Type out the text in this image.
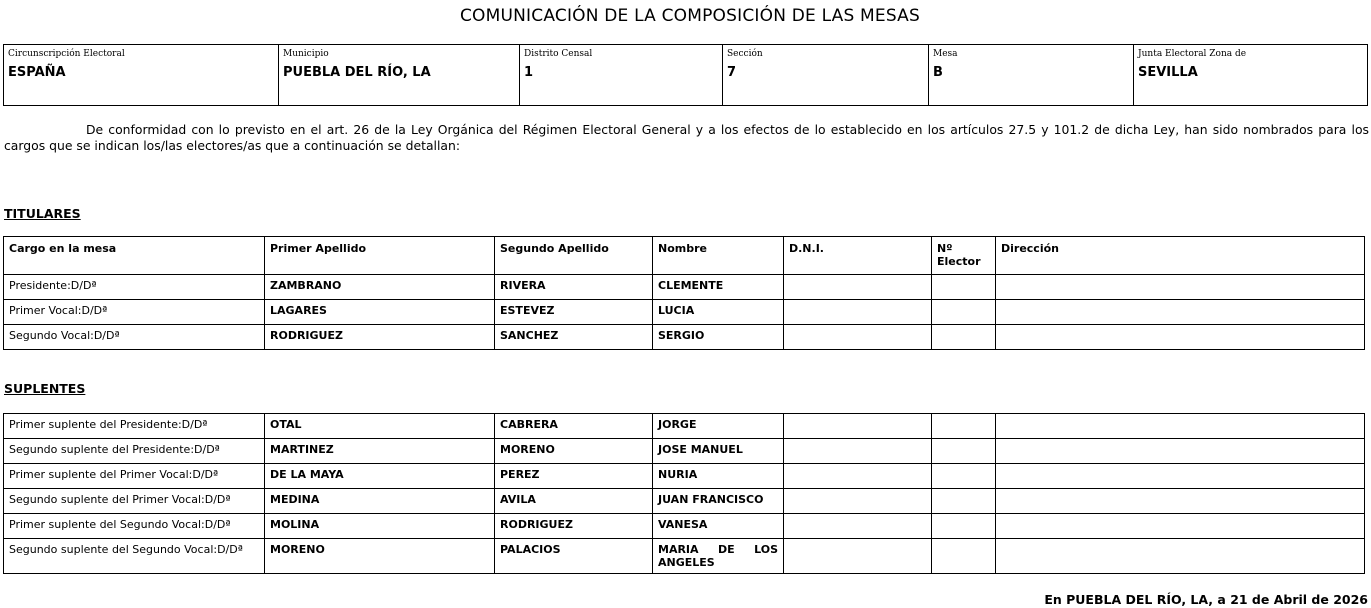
COMUNICACIÓN DE LA COMPOSICIÓN DE LAS MESAS
Circunscripción Electoral
ESPAÑA

Municipio
PUEBLA DEL RÍO, LA

Distrito Censal
1

Sección
7

Mesa
B

Junta Electoral Zona de
SEVILLA
De conformidad con lo previsto en el art. 26 de la Ley Orgánica del Régimen Electoral General y a los efectos de lo establecido en los artículos 27.5 y 101.2 de dicha Ley, han sido nombrados para los cargos que se indican los/las electores/as que a continuación se detallan:
TITULARES
Cargo en la mesa	Primer Apellido	Segundo Apellido	Nombre	D.N.I.	Nº Elector	Dirección
Presidente:D/Dª	ZAMBRANO	RIVERA	CLEMENTE			
Primer Vocal:D/Dª	LAGARES	ESTEVEZ	LUCIA			
Segundo Vocal:D/Dª	RODRIGUEZ	SANCHEZ	SERGIO			
SUPLENTES
Primer suplente del Presidente:D/Dª	OTAL	CABRERA	JORGE			
Segundo suplente del Presidente:D/Dª	MARTINEZ	MORENO	JOSE MANUEL			
Primer suplente del Primer Vocal:D/Dª	DE LA MAYA	PEREZ	NURIA			
Segundo suplente del Primer Vocal:D/Dª	MEDINA	AVILA	JUAN FRANCISCO			
Primer suplente del Segundo Vocal:D/Dª	MOLINA	RODRIGUEZ	VANESA			
Segundo suplente del Segundo Vocal:D/Dª	MORENO	PALACIOS	MARIA DE LOS ANGELES			
En PUEBLA DEL RÍO, LA, a 21 de Abril de 2026
